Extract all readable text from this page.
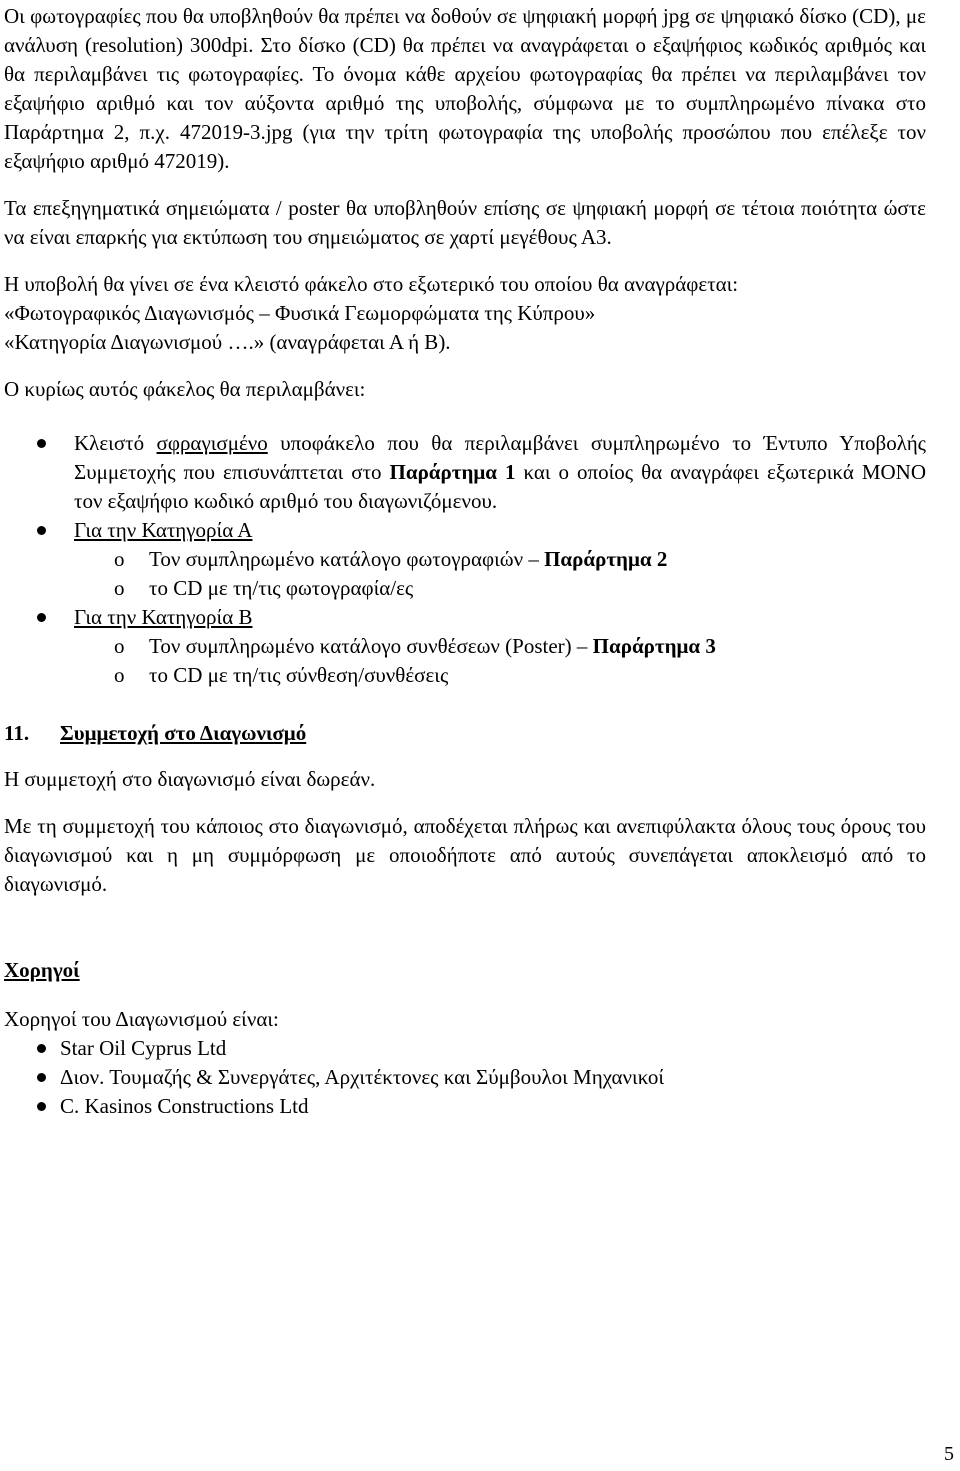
Οι φωτογραφίες που θα υποβληθούν θα πρέπει να δοθούν σε ψηφιακή μορφή jpg σε ψηφιακό δίσκο (CD), με ανάλυση (resolution) 300dpi. Στο δίσκο (CD) θα πρέπει να αναγράφεται ο εξαψήφιος κωδικός αριθμός και θα περιλαμβάνει τις φωτογραφίες. Το όνομα κάθε αρχείου φωτογραφίας θα πρέπει να περιλαμβάνει τον εξαψήφιο αριθμό και τον αύξοντα αριθμό της υποβολής, σύμφωνα με το συμπληρωμένο πίνακα στο Παράρτημα 2, π.χ. 472019-3.jpg (για την τρίτη φωτογραφία της υποβολής προσώπου που επέλεξε τον εξαψήφιο αριθμό 472019).

Τα επεξηγηματικά σημειώματα / poster θα υποβληθούν επίσης σε ψηφιακή μορφή σε τέτοια ποιότητα ώστε να είναι επαρκής για εκτύπωση του σημειώματος σε χαρτί μεγέθους Α3.

Η υποβολή θα γίνει σε ένα κλειστό φάκελο στο εξωτερικό του οποίου θα αναγράφεται:
«Φωτογραφικός Διαγωνισμός – Φυσικά Γεωμορφώματα της Κύπρου»
«Κατηγορία Διαγωνισμού ….» (αναγράφεται Α ή Β).

Ο κυρίως αυτός φάκελος θα περιλαμβάνει:

Κλειστό σφραγισμένο υποφάκελο που θα περιλαμβάνει συμπληρωμένο το Έντυπο Υποβολής Συμμετοχής που επισυνάπτεται στο Παράρτημα 1 και ο οποίος θα αναγράφει εξωτερικά ΜΟΝΟ τον εξαψήφιο κωδικό αριθμό του διαγωνιζόμενου.
Για την Κατηγορία Α
o Τον συμπληρωμένο κατάλογο φωτογραφιών – Παράρτημα 2
o το CD με τη/τις φωτογραφία/ες
Για την Κατηγορία Β
o Τον συμπληρωμένο κατάλογο συνθέσεων (Poster) – Παράρτημα 3
o το CD με τη/τις σύνθεση/συνθέσεις

11. Συμμετοχή στο Διαγωνισμό

Η συμμετοχή στο διαγωνισμό είναι δωρεάν.

Με τη συμμετοχή του κάποιος στο διαγωνισμό, αποδέχεται πλήρως και ανεπιφύλακτα όλους τους όρους του διαγωνισμού και η μη συμμόρφωση με οποιοδήποτε από αυτούς συνεπάγεται αποκλεισμό από το διαγωνισμό.

Χορηγοί

Χορηγοί του Διαγωνισμού είναι:

Star Oil Cyprus Ltd
Διον. Τουμαζής & Συνεργάτες, Αρχιτέκτονες και Σύμβουλοι Μηχανικοί
C. Kasinos Constructions Ltd
5
